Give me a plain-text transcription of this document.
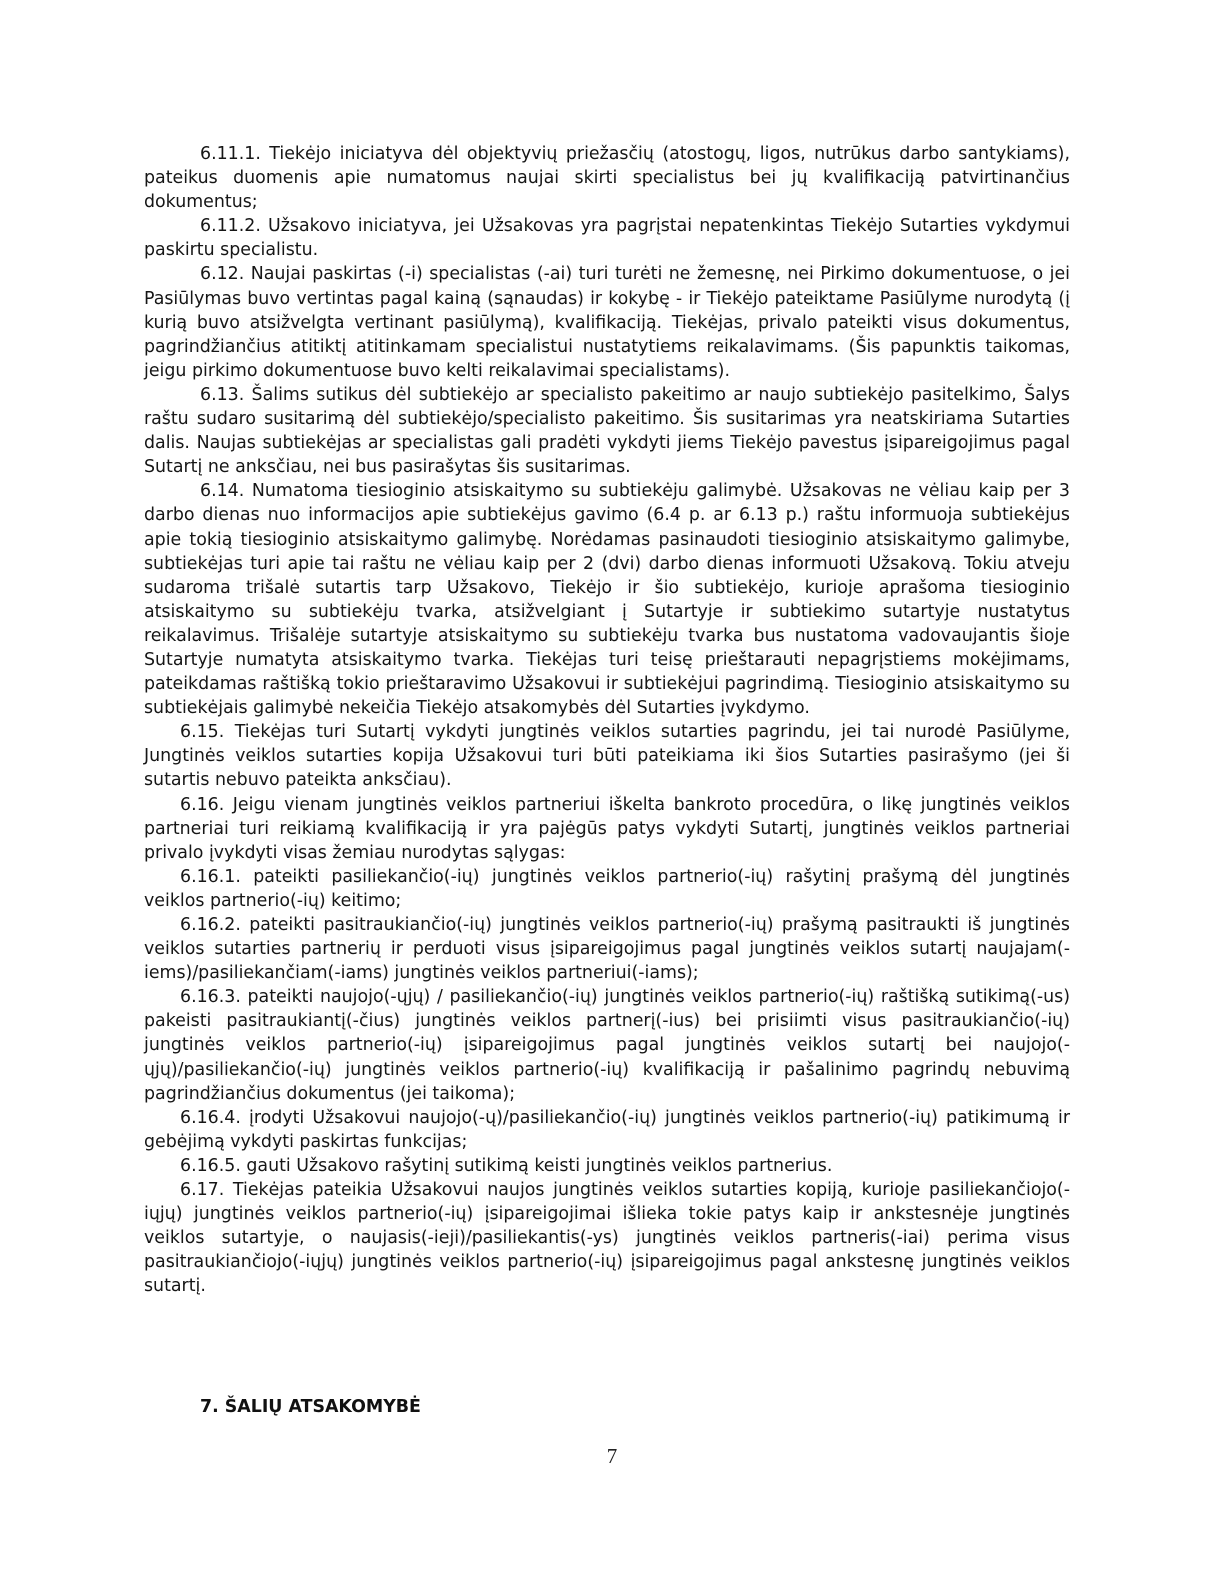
6.11.1. Tiekėjo iniciatyva dėl objektyvių priežasčių (atostogų, ligos, nutrūkus darbo santykiams), pateikus duomenis apie numatomus naujai skirti specialistus bei jų kvalifikaciją patvirtinančius dokumentus;

6.11.2. Užsakovo iniciatyva, jei Užsakovas yra pagrįstai nepatenkintas Tiekėjo Sutarties vykdymui paskirtu specialistu.

6.12. Naujai paskirtas (-i) specialistas (-ai) turi turėti ne žemesnę, nei Pirkimo dokumentuose, o jei Pasiūlymas buvo vertintas pagal kainą (sąnaudas) ir kokybę - ir Tiekėjo pateiktame Pasiūlyme nurodytą (į kurią buvo atsižvelgta vertinant pasiūlymą), kvalifikaciją. Tiekėjas, privalo pateikti visus dokumentus, pagrindžiančius atitiktį atitinkamam specialistui nustatytiems reikalavimams. (Šis papunktis taikomas, jeigu pirkimo dokumentuose buvo kelti reikalavimai specialistams).

6.13. Šalims sutikus dėl subtiekėjo ar specialisto pakeitimo ar naujo subtiekėjo pasitelkimo, Šalys raštu sudaro susitarimą dėl subtiekėjo/specialisto pakeitimo. Šis susitarimas yra neatskiriama Sutarties dalis. Naujas subtiekėjas ar specialistas gali pradėti vykdyti jiems Tiekėjo pavestus įsipareigojimus pagal Sutartį ne anksčiau, nei bus pasirašytas šis susitarimas.

6.14. Numatoma tiesioginio atsiskaitymo su subtiekėju galimybė. Užsakovas ne vėliau kaip per 3 darbo dienas nuo informacijos apie subtiekėjus gavimo (6.4 p. ar 6.13 p.) raštu informuoja subtiekėjus apie tokią tiesioginio atsiskaitymo galimybę. Norėdamas pasinaudoti tiesioginio atsiskaitymo galimybe, subtiekėjas turi apie tai raštu ne vėliau kaip per 2 (dvi) darbo dienas informuoti Užsakovą. Tokiu atveju sudaroma trišalė sutartis tarp Užsakovo, Tiekėjo ir šio subtiekėjo, kurioje aprašoma tiesioginio atsiskaitymo su subtiekėju tvarka, atsižvelgiant į Sutartyje ir subtiekimo sutartyje nustatytus reikalavimus. Trišalėje sutartyje atsiskaitymo su subtiekėju tvarka bus nustatoma vadovaujantis šioje Sutartyje numatyta atsiskaitymo tvarka. Tiekėjas turi teisę prieštarauti nepagrįstiems mokėjimams, pateikdamas raštišką tokio prieštaravimo Užsakovui ir subtiekėjui pagrindimą. Tiesioginio atsiskaitymo su subtiekėjais galimybė nekeičia Tiekėjo atsakomybės dėl Sutarties įvykdymo.

6.15. Tiekėjas turi Sutartį vykdyti jungtinės veiklos sutarties pagrindu, jei tai nurodė Pasiūlyme, Jungtinės veiklos sutarties kopija Užsakovui turi būti pateikiama iki šios Sutarties pasirašymo (jei ši sutartis nebuvo pateikta anksčiau).

6.16. Jeigu vienam jungtinės veiklos partneriui iškelta bankroto procedūra, o likę jungtinės veiklos partneriai turi reikiamą kvalifikaciją ir yra pajėgūs patys vykdyti Sutartį, jungtinės veiklos partneriai privalo įvykdyti visas žemiau nurodytas sąlygas:

6.16.1. pateikti pasiliekančio(-ių) jungtinės veiklos partnerio(-ių) rašytinį prašymą dėl jungtinės veiklos partnerio(-ių) keitimo;

6.16.2. pateikti pasitraukiančio(-ių) jungtinės veiklos partnerio(-ių) prašymą pasitraukti iš jungtinės veiklos sutarties partnerių ir perduoti visus įsipareigojimus pagal jungtinės veiklos sutartį naujajam(-iems)/pasiliekančiam(-iams) jungtinės veiklos partneriui(-iams);

6.16.3. pateikti naujojo(-ųjų) / pasiliekančio(-ių) jungtinės veiklos partnerio(-ių) raštišką sutikimą(-us) pakeisti pasitraukiantį(-čius) jungtinės veiklos partnerį(-ius) bei prisiimti visus pasitraukiančio(-ių) jungtinės veiklos partnerio(-ių) įsipareigojimus pagal jungtinės veiklos sutartį bei naujojo(-ųjų)/pasiliekančio(-ių) jungtinės veiklos partnerio(-ių) kvalifikaciją ir pašalinimo pagrindų nebuvimą pagrindžiančius dokumentus (jei taikoma);

6.16.4. įrodyti Užsakovui naujojo(-ų)/pasiliekančio(-ių) jungtinės veiklos partnerio(-ių) patikimumą ir gebėjimą vykdyti paskirtas funkcijas;

6.16.5. gauti Užsakovo rašytinį sutikimą keisti jungtinės veiklos partnerius.

6.17. Tiekėjas pateikia Užsakovui naujos jungtinės veiklos sutarties kopiją, kurioje pasiliekančiojo(-iųjų) jungtinės veiklos partnerio(-ių) įsipareigojimai išlieka tokie patys kaip ir ankstesnėje jungtinės veiklos sutartyje, o naujasis(-ieji)/pasiliekantis(-ys) jungtinės veiklos partneris(-iai) perima visus pasitraukiančiojo(-iųjų) jungtinės veiklos partnerio(-ių) įsipareigojimus pagal ankstesnę jungtinės veiklos sutartį.

7. ŠALIŲ ATSAKOMYBĖ
7
